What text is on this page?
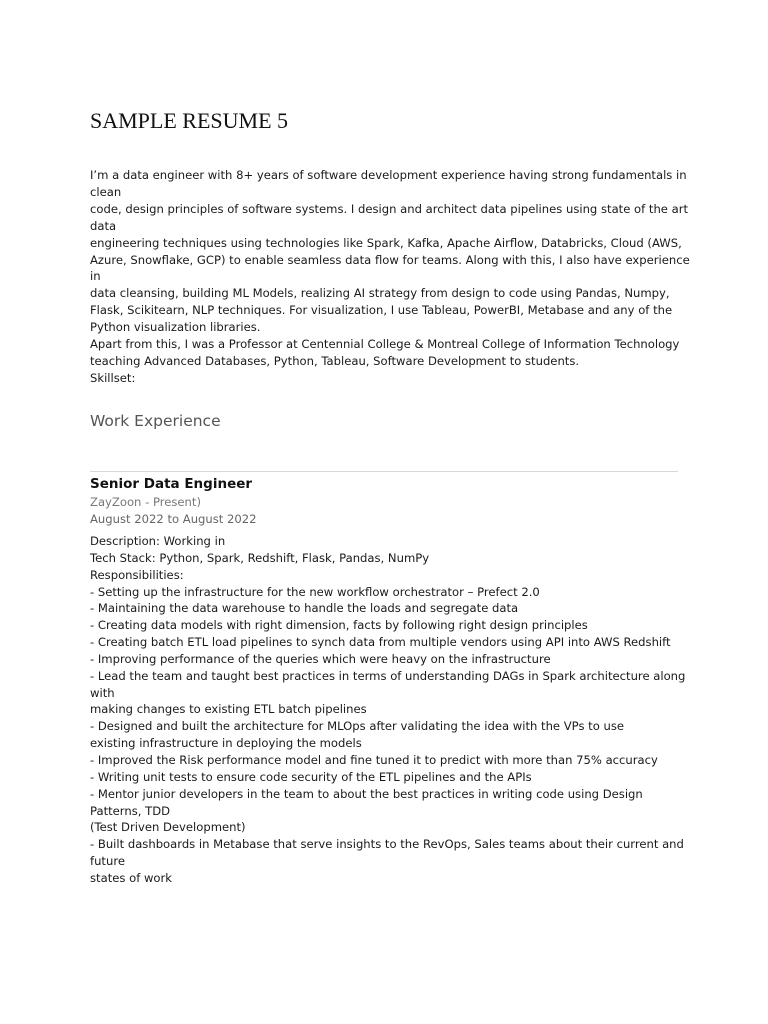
SAMPLE RESUME 5
I’m a data engineer with 8+ years of software development experience having strong fundamentals in
clean
code, design principles of software systems. I design and architect data pipelines using state of the art
data
engineering techniques using technologies like Spark, Kafka, Apache Airflow, Databricks, Cloud (AWS,
Azure, Snowflake, GCP) to enable seamless data flow for teams. Along with this, I also have experience
in
data cleansing, building ML Models, realizing AI strategy from design to code using Pandas, Numpy,
Flask, Scikitearn, NLP techniques. For visualization, I use Tableau, PowerBI, Metabase and any of the
Python visualization libraries.
Apart from this, I was a Professor at Centennial College & Montreal College of Information Technology
teaching Advanced Databases, Python, Tableau, Software Development to students.
Skillset:
Work Experience
Senior Data Engineer
ZayZoon - Present)
August 2022 to August 2022
Description: Working in
Tech Stack: Python, Spark, Redshift, Flask, Pandas, NumPy
Responsibilities:
- Setting up the infrastructure for the new workflow orchestrator – Prefect 2.0
- Maintaining the data warehouse to handle the loads and segregate data
- Creating data models with right dimension, facts by following right design principles
- Creating batch ETL load pipelines to synch data from multiple vendors using API into AWS Redshift
- Improving performance of the queries which were heavy on the infrastructure
- Lead the team and taught best practices in terms of understanding DAGs in Spark architecture along
with
making changes to existing ETL batch pipelines
- Designed and built the architecture for MLOps after validating the idea with the VPs to use
existing infrastructure in deploying the models
- Improved the Risk performance model and fine tuned it to predict with more than 75% accuracy
- Writing unit tests to ensure code security of the ETL pipelines and the APIs
- Mentor junior developers in the team to about the best practices in writing code using Design
Patterns, TDD
(Test Driven Development)
- Built dashboards in Metabase that serve insights to the RevOps, Sales teams about their current and
future
states of work
